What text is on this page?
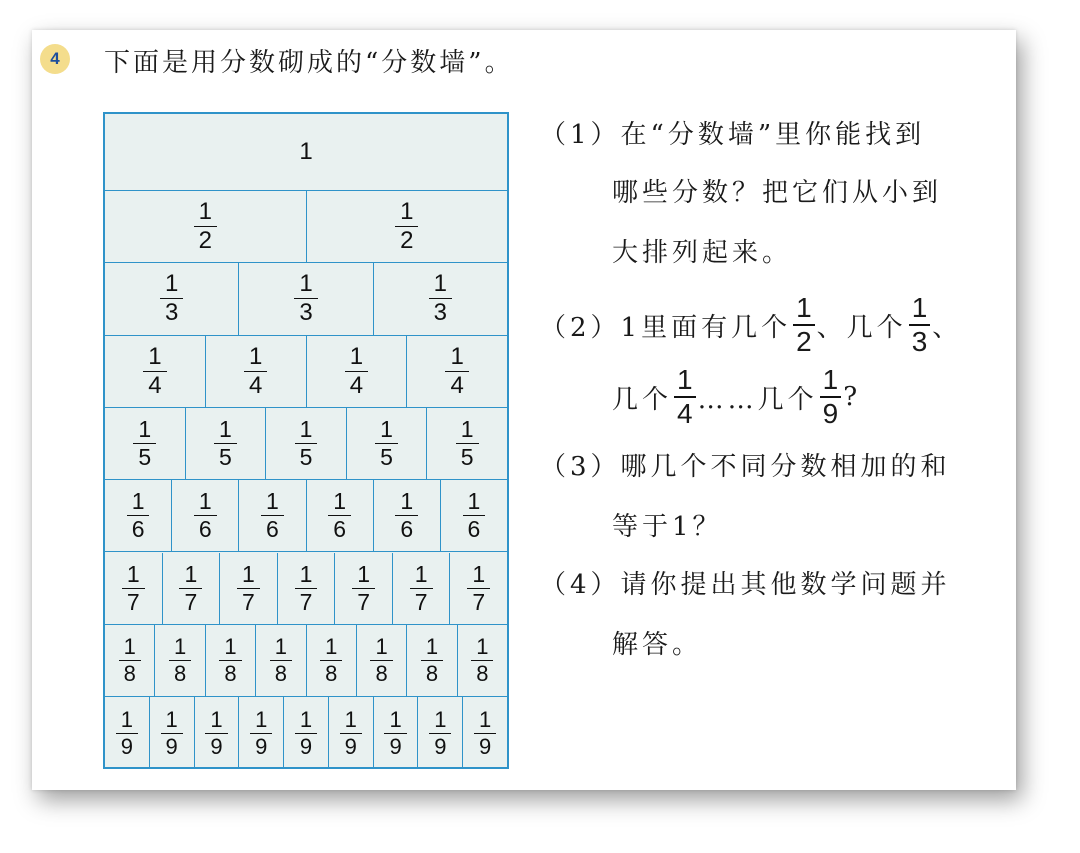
4	下面是用分数砌成的“分数墙”。
1
$\frac{1}{2}$	$\frac{1}{2}$
$\frac{1}{3}$	$\frac{1}{3}$	$\frac{1}{3}$
$\frac{1}{4}$	$\frac{1}{4}$	$\frac{1}{4}$	$\frac{1}{4}$
$\frac{1}{5}$	$\frac{1}{5}$	$\frac{1}{5}$	$\frac{1}{5}$	$\frac{1}{5}$
$\frac{1}{6} \frac{1}{6} \frac{1}{6} \frac{1}{6} \frac{1}{6} \frac{1}{6}$
$\frac{1}{7} \frac{1}{7} \frac{1}{7} \frac{1}{7} \frac{1}{7} \frac{1}{7} \frac{1}{7}$
$\frac{1}{8} \frac{1}{8} \frac{1}{8} \frac{1}{8} \frac{1}{8} \frac{1}{8} \frac{1}{8} \frac{1}{8}$
$\frac{1}{9} \frac{1}{9} \frac{1}{9} \frac{1}{9} \frac{1}{9} \frac{1}{9} \frac{1}{9} \frac{1}{9} \frac{1}{9}$
（1）在“分数墙”里你能找到
哪些分数？把它们从小到
大排列起来。
（2）1里面有几个 $\frac{1}{2}$ 、几个 $\frac{1}{3}$ 、
几个 $\frac{1}{4}$ ……几个 $\frac{1}{9}$ ?
（3）哪几个不同分数相加的和
等于1？
（4）请你提出其他数学问题并
解答。
